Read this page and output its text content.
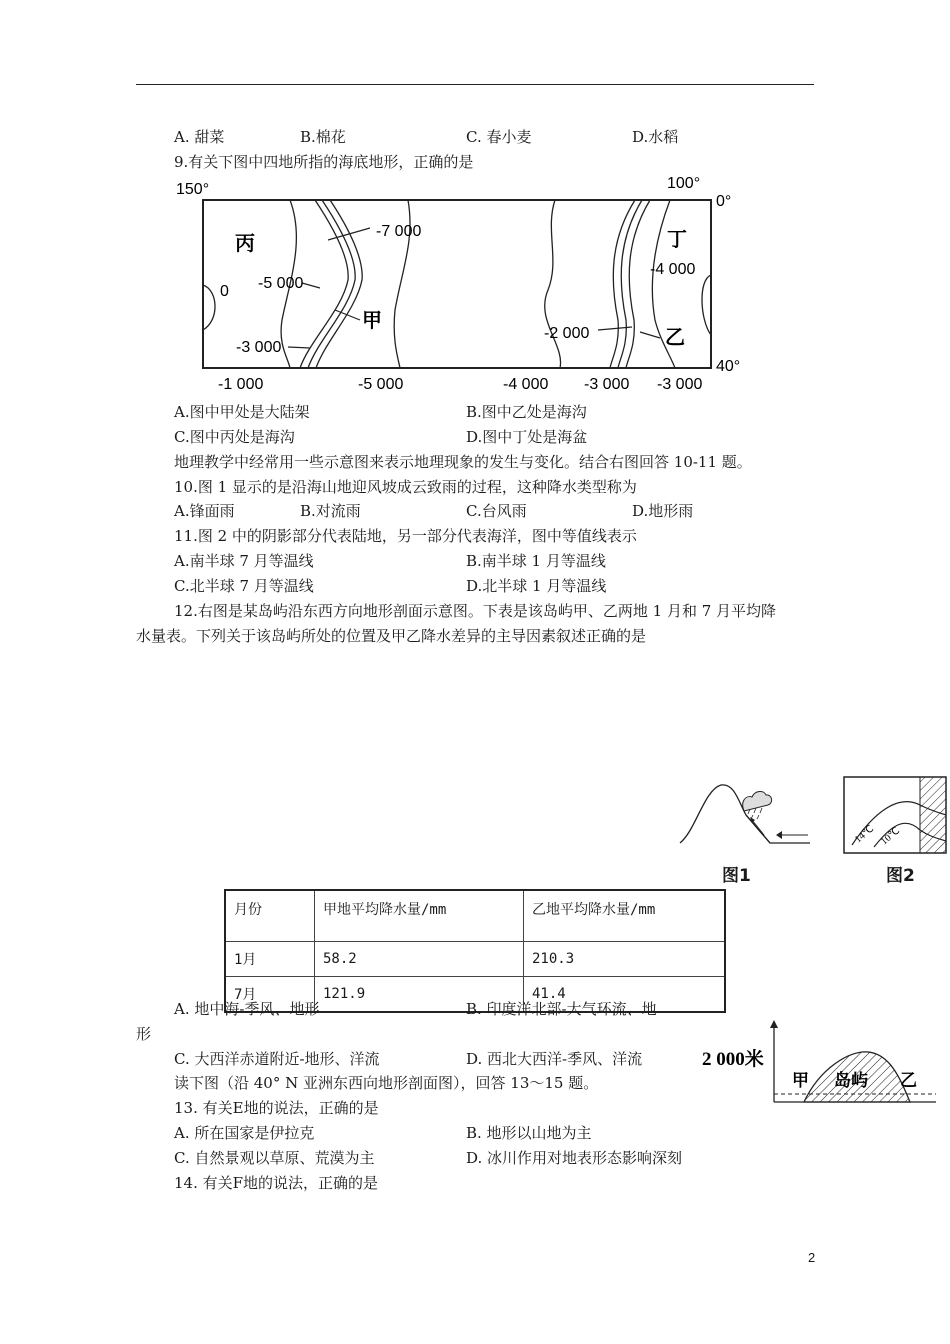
A. 甜菜	B.棉花	C. 春小麦	D.水稻
9.有关下图中四地所指的海底地形，正确的是
150°	100°
0°
40°
-1 000	-5 000	-4 000 -3 000 -3 000
-7 000
-5 000
0
-3 000
-4 000
-2 000
丙
甲
丁
乙
A.图中甲处是大陆架	B.图中乙处是海沟
C.图中丙处是海沟	D.图中丁处是海盆
地理教学中经常用一些示意图来表示地理现象的发生与变化。结合右图回答 10-11 题。
10.图 1 显示的是沿海山地迎风坡成云致雨的过程，这种降水类型称为
A.锋面雨	B.对流雨	C.台风雨	D.地形雨
11.图 2 中的阴影部分代表陆地，另一部分代表海洋，图中等值线表示
A.南半球 7 月等温线	B.南半球 1 月等温线
C.北半球 7 月等温线	D.北半球 1 月等温线
12.右图是某岛屿沿东西方向地形剖面示意图。下表是该岛屿甲、乙两地 1 月和 7 月平均降
水量表。下列关于该岛屿所处的位置及甲乙降水差异的主导因素叙述正确的是
图1
14℃ 10℃
图2
月份	甲地平均降水量/mm	乙地平均降水量/mm
1月	58.2	210.3
7月	121.9	41.4
A. 地中海-季风、地形	B. 印度洋北部-大气环流、地
形
C. 大西洋赤道附近-地形、洋流	D. 西北大西洋-季风、洋流	2 000米
甲 岛屿 乙
读下图（沿 40° N 亚洲东西向地形剖面图），回答 13～15 题。
13. 有关E地的说法，正确的是
A. 所在国家是伊拉克	B. 地形以山地为主
C. 自然景观以草原、荒漠为主	D. 冰川作用对地表形态影响深刻
14. 有关F地的说法，正确的是
2
